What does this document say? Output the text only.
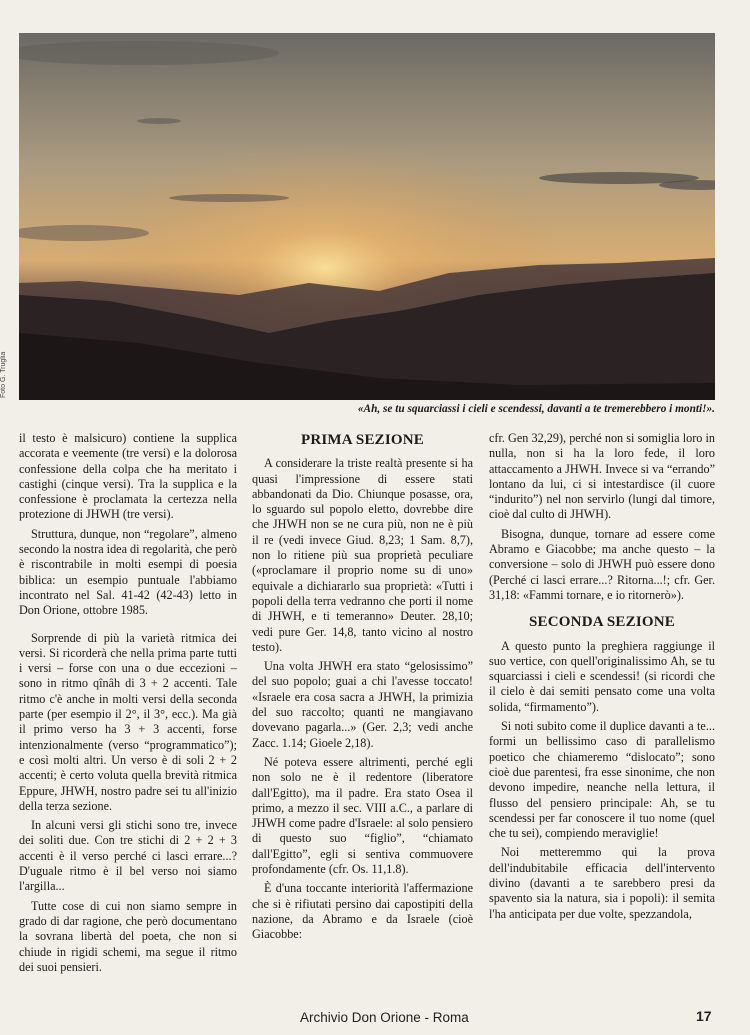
Foto G. Truglia
«Ah, se tu squarciassi i cieli e scendessi, davanti a te tremerebbero i monti!».

il testo è malsicuro) contiene la supplica accorata e veemente (tre versi) e la dolorosa confessione della colpa che ha meritato i castighi (cinque versi). Tra la supplica e la confessione è proclamata la certezza nella protezione di JHWH (tre versi).

Struttura, dunque, non “regolare”, almeno secondo la nostra idea di regolarità, che però è riscontrabile in molti esempi di poesia biblica: un esempio puntuale l'abbiamo incontrato nel Sal. 41-42 (42-43) letto in Don Orione, ottobre 1985.

Sorprende di più la varietà ritmica dei versi. Si ricorderà che nella prima parte tutti i versi – forse con una o due eccezioni – sono in ritmo qînâh di 3 + 2 accenti. Tale ritmo c'è anche in molti versi della seconda parte (per esempio il 2°, il 3°, ecc.). Ma già il primo verso ha 3 + 3 accenti, forse intenzionalmente (verso “programmatico”); e così molti altri. Un verso è di soli 2 + 2 accenti; è certo voluta quella brevità ritmica Eppure, JHWH, nostro padre sei tu all'inizio della terza sezione.

In alcuni versi gli stichi sono tre, invece dei soliti due. Con tre stichi di 2 + 2 + 3 accenti è il verso perché ci lasci errare...? D'uguale ritmo è il bel verso noi siamo l'argilla...

Tutte cose di cui non siamo sempre in grado di dar ragione, che però documentano la sovrana libertà del poeta, che non si chiude in rigidi schemi, ma segue il ritmo dei suoi pensieri.

PRIMA SEZIONE

A considerare la triste realtà presente si ha quasi l'impressione di essere stati abbandonati da Dio. Chiunque posasse, ora, lo sguardo sul popolo eletto, dovrebbe dire che JHWH non se ne cura più, non ne è più il re (vedi invece Giud. 8,23; 1 Sam. 8,7), non lo ritiene più sua proprietà peculiare («proclamare il proprio nome su di uno» equivale a dichiararlo sua proprietà: «Tutti i popoli della terra vedranno che porti il nome di JHWH, e ti temeranno» Deuter. 28,10; vedi pure Ger. 14,8, tanto vicino al nostro testo).

Una volta JHWH era stato “gelosissimo” del suo popolo; guai a chi l'avesse toccato! «Israele era cosa sacra a JHWH, la primizia del suo raccolto; quanti ne mangiavano dovevano pagarla...» (Ger. 2,3; vedi anche Zacc. 1.14; Gioele 2,18).

Né poteva essere altrimenti, perché egli non solo ne è il redentore (liberatore dall'Egitto), ma il padre. Era stato Osea il primo, a mezzo il sec. VIII a.C., a parlare di JHWH come padre d'Israele: al solo pensiero di questo suo “figlio”, “chiamato dall'Egitto”, egli si sentiva commuovere profondamente (cfr. Os. 11,1.8).

È d'una toccante interiorità l'affermazione che si è rifiutati persino dai capostipiti della nazione, da Abramo e da Israele (cioè Giacobbe:

cfr. Gen 32,29), perché non si somiglia loro in nulla, non si ha la loro fede, il loro attaccamento a JHWH. Invece si va “errando” lontano da lui, ci si intestardisce (il cuore “indurito”) nel non servirlo (lungi dal timore, cioè dal culto di JHWH).

Bisogna, dunque, tornare ad essere come Abramo e Giacobbe; ma anche questo – la conversione – solo di JHWH può essere dono (Perché ci lasci errare...? Ritorna...!; cfr. Ger. 31,18: «Fammi tornare, e io ritornerò»).

SECONDA SEZIONE

A questo punto la preghiera raggiunge il suo vertice, con quell'originalissimo Ah, se tu squarciassi i cieli e scendessi! (si ricordi che il cielo è dai semiti pensato come una volta solida, “firmamento”).

Si noti subito come il duplice davanti a te... formi un bellissimo caso di parallelismo poetico che chiameremo “dislocato”; sono cioè due parentesi, fra esse sinonime, che non devono impedire, neanche nella lettura, il flusso del pensiero principale: Ah, se tu scendessi per far conoscere il tuo nome (quel che tu sei), compiendo meraviglie!

Noi metteremmo qui la prova dell'indubitabile efficacia dell'intervento divino (davanti a te sarebbero presi da spavento sia la natura, sia i popoli): il semita l'ha anticipata per due volte, spezzandola,

Archivio Don Orione - Roma	17
